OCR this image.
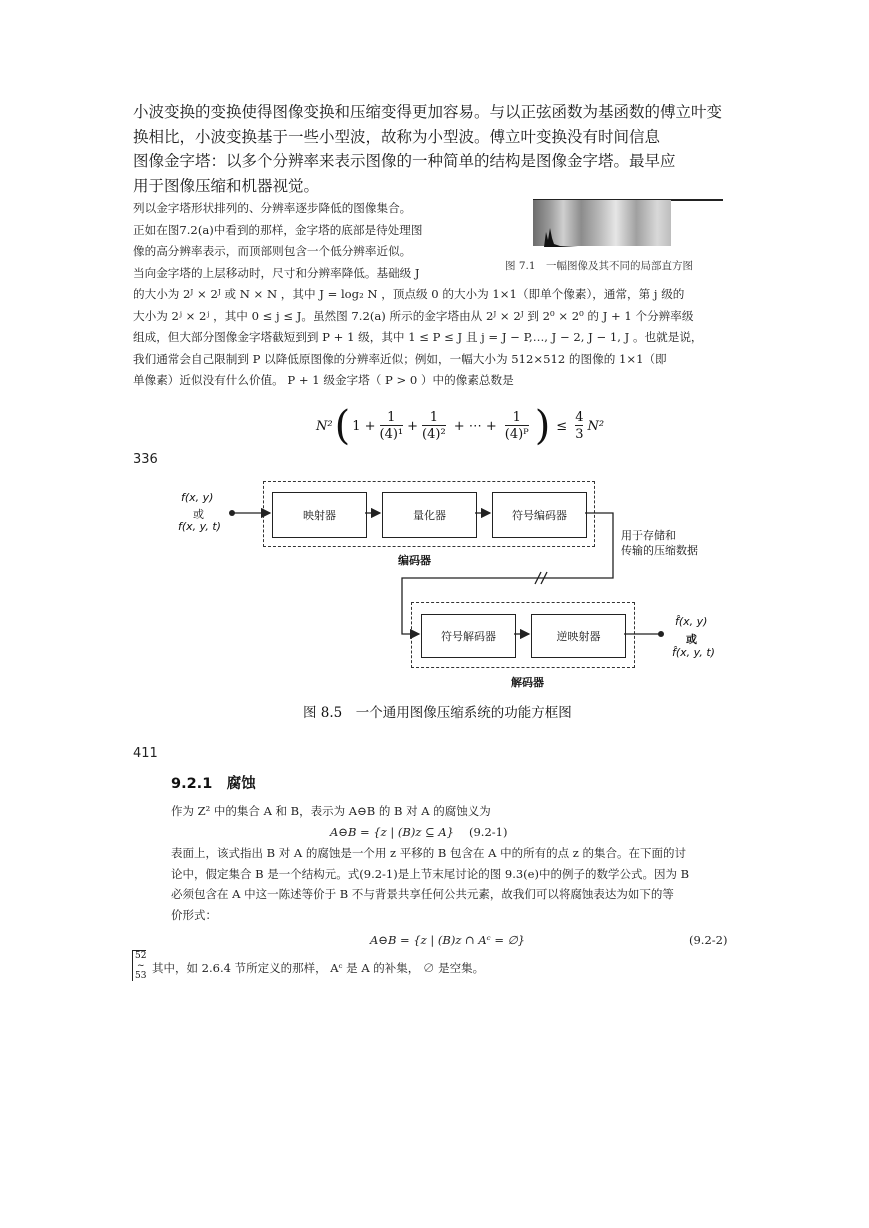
小波变换的变换使得图像变换和压缩变得更加容易。与以正弦函数为基函数的傅立叶变
换相比，小波变换基于一些小型波，故称为小型波。傅立叶变换没有时间信息
图像金字塔：以多个分辨率来表示图像的一种简单的结构是图像金字塔。最早应
用于图像压缩和机器视觉。
列以金字塔形状排列的、分辨率逐步降低的图像集合。
正如在图7.2(a)中看到的那样，金字塔的底部是待处理图
像的高分辨率表示，而顶部则包含一个低分辨率近似。
当向金字塔的上层移动时，尺寸和分辨率降低。基础级 J	图 7.1　一幅图像及其不同的局部直方图
的大小为 2ᴶ × 2ᴶ 或 N × N ，其中 J = log₂ N ，顶点级 0 的大小为 1×1（即单个像素），通常，第 j 级的
大小为 2ʲ × 2ʲ ，其中 0 ≤ j ≤ J。虽然图 7.2(a) 所示的金字塔由从 2ᴶ × 2ᴶ 到 2⁰ × 2⁰ 的 J + 1 个分辨率级
组成，但大部分图像金字塔截短到到 P + 1 级，其中 1 ≤ P ≤ J 且 j = J − P,…, J − 2, J − 1, J 。也就是说，
我们通常会自己限制到 P 以降低原图像的分辨率近似；例如，一幅大小为 512×512 的图像的 1×1（即
单像素）近似没有什么价值。 P + 1 级金字塔（ P > 0 ）中的像素总数是
N² ( $1 + \frac{1}{\text{(4)¹}} + \frac{1}{\text{(4)²}}$ + ⋯ + $\frac{1}{\text{(4)ᴾ}}$ ) ≤ $\frac{4}{3} N^2$
336
f(x, y)
或
f(x, y, t)
映射器	量化器	符号编码器
编码器
用于存储和
传输的压缩数据
符号解码器	逆映射器
解码器
f̂(x, y)
或
f̂(x, y, t)
图 8.5　一个通用图像压缩系统的功能方框图
411
9.2.1　腐蚀
作为 Z² 中的集合 A 和 B，表示为 A⊖B 的 B 对 A 的腐蚀义为
A⊖B = {z | (B)z ⊆ A} (9.2-1)
表面上，该式指出 B 对 A 的腐蚀是一个用 z 平移的 B 包含在 A 中的所有的点 z 的集合。在下面的讨
论中，假定集合 B 是一个结构元。式(9.2-1)是上节末尾讨论的图 9.3(e)中的例子的数学公式。因为 B
必须包含在 A 中这一陈述等价于 B 不与背景共享任何公共元素，故我们可以将腐蚀表达为如下的等
价形式：
A⊖B = {z | (B)z ∩ Aᶜ = ∅}	(9.2-2)
52
~
53
其中，如 2.6.4 节所定义的那样， Aᶜ 是 A 的补集， ∅ 是空集。
